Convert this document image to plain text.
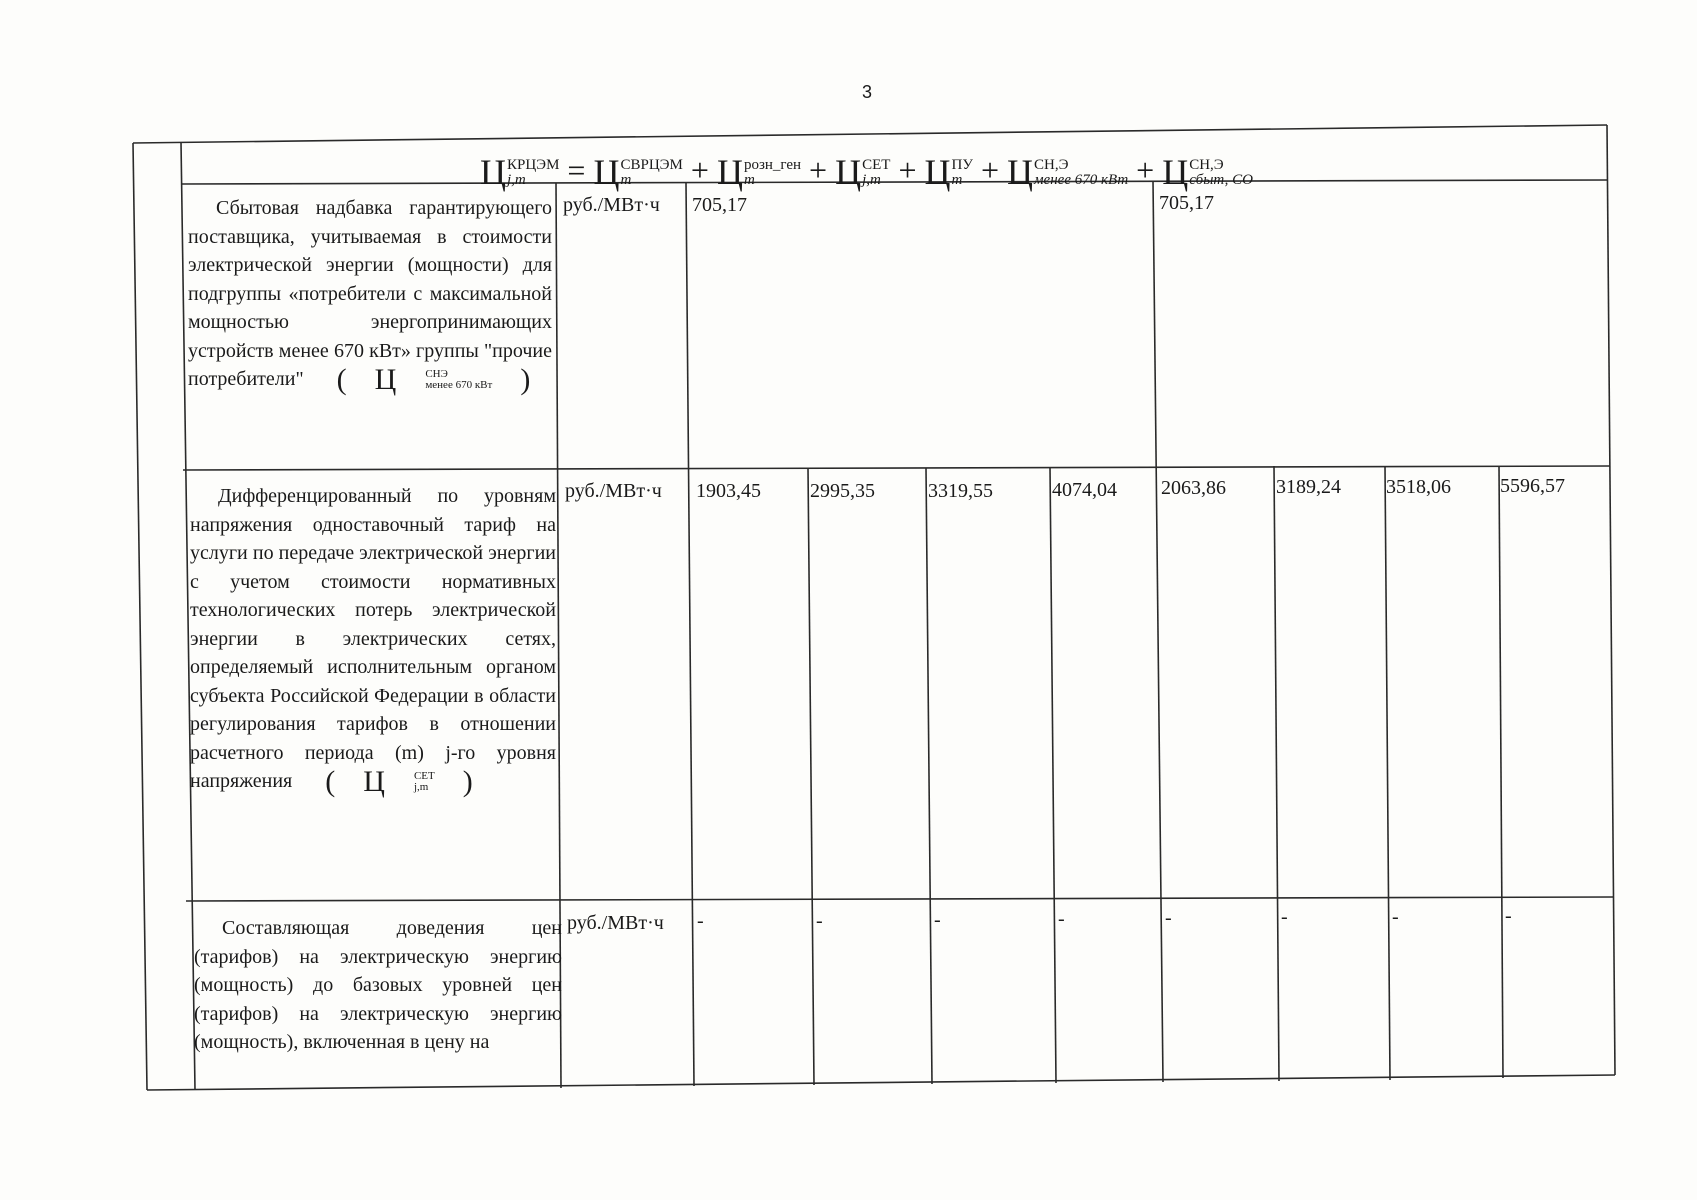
3
Ц КРЦЭМ
j,m	= Ц СВРЦЭМ
m	+ Ц розн_ген
m	+ Ц СЕТ
j,m + Ц ПУ
m + Ц СН,Э
менее 670 кВт + Ц СН,Э
сбыт, СО

Сбытовая надбавка гарантирующего поставщика, учитываемая в стоимости электрической энергии (мощности) для подгруппы «потребители с максимальной мощностью энергопринимающих устройств менее 670 кВт» группы "прочие потребители" ( Ц	СНЭ
менее 670 кВт )

руб./МВт·ч 705,17	705,17

Дифференцированный по уровням напряжения одноставочный тариф на услуги по передаче электрической энергии с учетом стоимости нормативных технологических потерь электрической энергии в электрических сетях, определяемый исполнительным органом субъекта Российской Федерации в области регулирования тарифов в отношении расчетного периода (m) j-го уровня напряжения ( Ц	СЕТ
j,m )

руб./МВт·ч 1903,45 2995,35	3319,55	4074,04 2063,86	3189,24 3518,06 5596,57

Составляющая доведения цен (тарифов) на электрическую энергию (мощность) до базовых уровней цен (тарифов) на электрическую энергию (мощность), включенная в цену на

руб./МВт·ч -	-	-	-	-	-	-	-
